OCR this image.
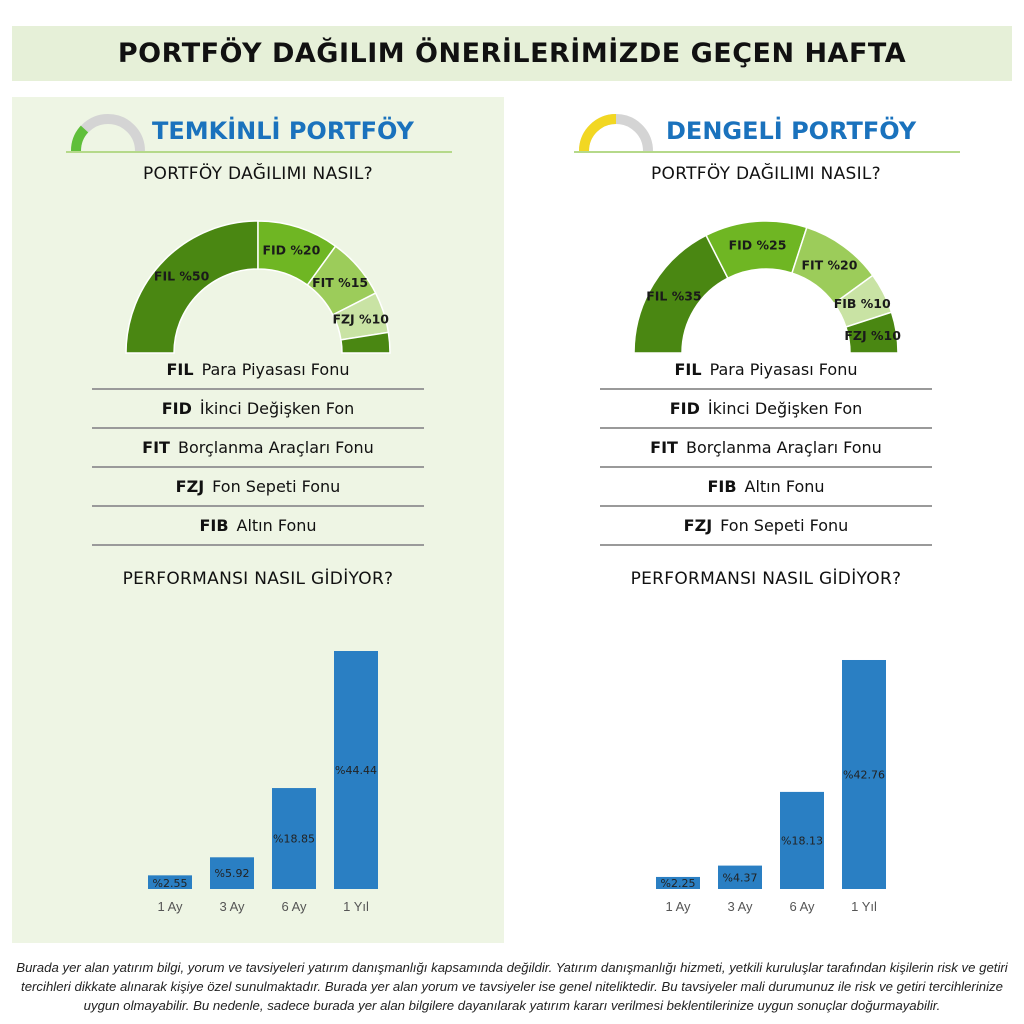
PORTFÖY DAĞILIM ÖNERİLERİMİZDE GEÇEN HAFTA
TEMKİNLİ PORTFÖY
PORTFÖY DAĞILIMI NASIL?
FIL %50
FID %20
FIT %15
FZJ %10
FIL Para Piyasası Fonu
FID İkinci Değişken Fon
FIT Borçlanma Araçları Fonu
FZJ Fon Sepeti Fonu
FIB Altın Fonu
PERFORMANSI NASIL GİDİYOR?
%2.55
1 Ay
%5.92
3 Ay
%18.85
6 Ay
%44.44
1 Yıl
DENGELİ PORTFÖY
PORTFÖY DAĞILIMI NASIL?
FIL %35
FID %25
FIT %20
FIB %10
FZJ %10
FIL Para Piyasası Fonu
FID İkinci Değişken Fon
FIT Borçlanma Araçları Fonu
FIB Altın Fonu
FZJ Fon Sepeti Fonu
PERFORMANSI NASIL GİDİYOR?
%2.25
1 Ay
%4.37
3 Ay
%18.13
6 Ay
%42.76
1 Yıl
Burada yer alan yatırım bilgi, yorum ve tavsiyeleri yatırım danışmanlığı kapsamında değildir. Yatırım danışmanlığı hizmeti, yetkili kuruluşlar tarafından kişilerin risk ve getiri tercihleri dikkate alınarak kişiye özel sunulmaktadır. Burada yer alan yorum ve tavsiyeler ise genel niteliktedir. Bu tavsiyeler mali durumunuz ile risk ve getiri tercihlerinize uygun olmayabilir. Bu nedenle, sadece burada yer alan bilgilere dayanılarak yatırım kararı verilmesi beklentilerinize uygun sonuçlar doğurmayabilir.
